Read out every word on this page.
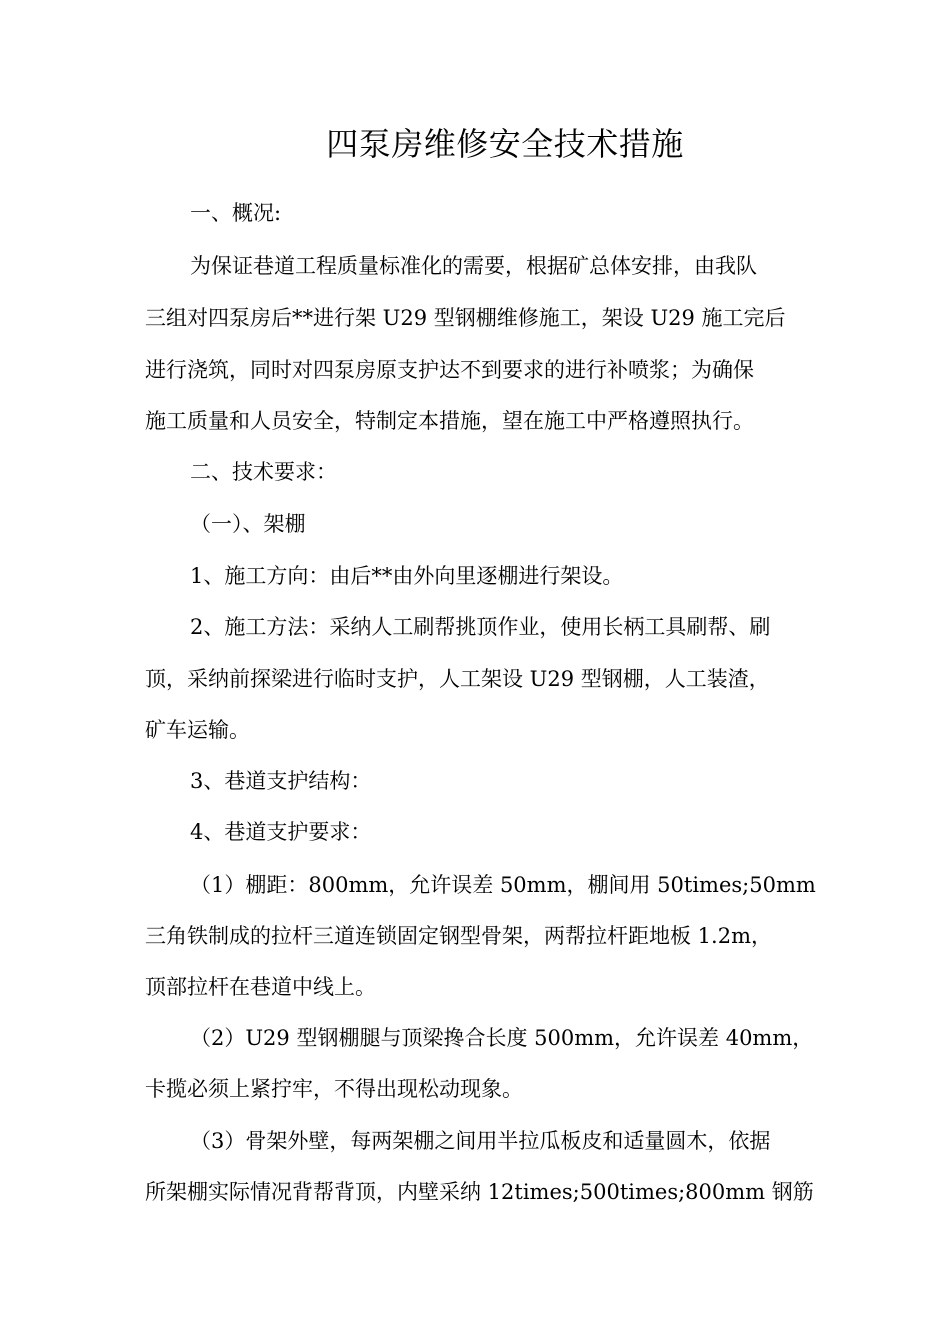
四泵房维修安全技术措施
一、概况:
为保证巷道工程质量标准化的需要，根据矿总体安排，由我队
三组对四泵房后**进行架 U29 型钢棚维修施工，架设 U29 施工完后
进行浇筑，同时对四泵房原支护达不到要求的进行补喷浆；为确保
施工质量和人员安全，特制定本措施，望在施工中严格遵照执行。
二、技术要求：
（一）、架棚
1、施工方向：由后**由外向里逐棚进行架设。
2、施工方法：采纳人工刷帮挑顶作业，使用长柄工具刷帮、刷
顶，采纳前探梁进行临时支护，人工架设 U29 型钢棚，人工装渣，
矿车运输。
3、巷道支护结构：
4、巷道支护要求：
（1）棚距：800mm，允许误差 50mm，棚间用 50times;50mm
三角铁制成的拉杆三道连锁固定钢型骨架，两帮拉杆距地板 1.2m，
顶部拉杆在巷道中线上。
（2）U29 型钢棚腿与顶梁搀合长度 500mm，允许误差 40mm，
卡揽必须上紧拧牢，不得出现松动现象。
（3）骨架外壁，每两架棚之间用半拉瓜板皮和适量圆木，依据
所架棚实际情况背帮背顶，内壁采纳 12times;500times;800mm 钢筋
